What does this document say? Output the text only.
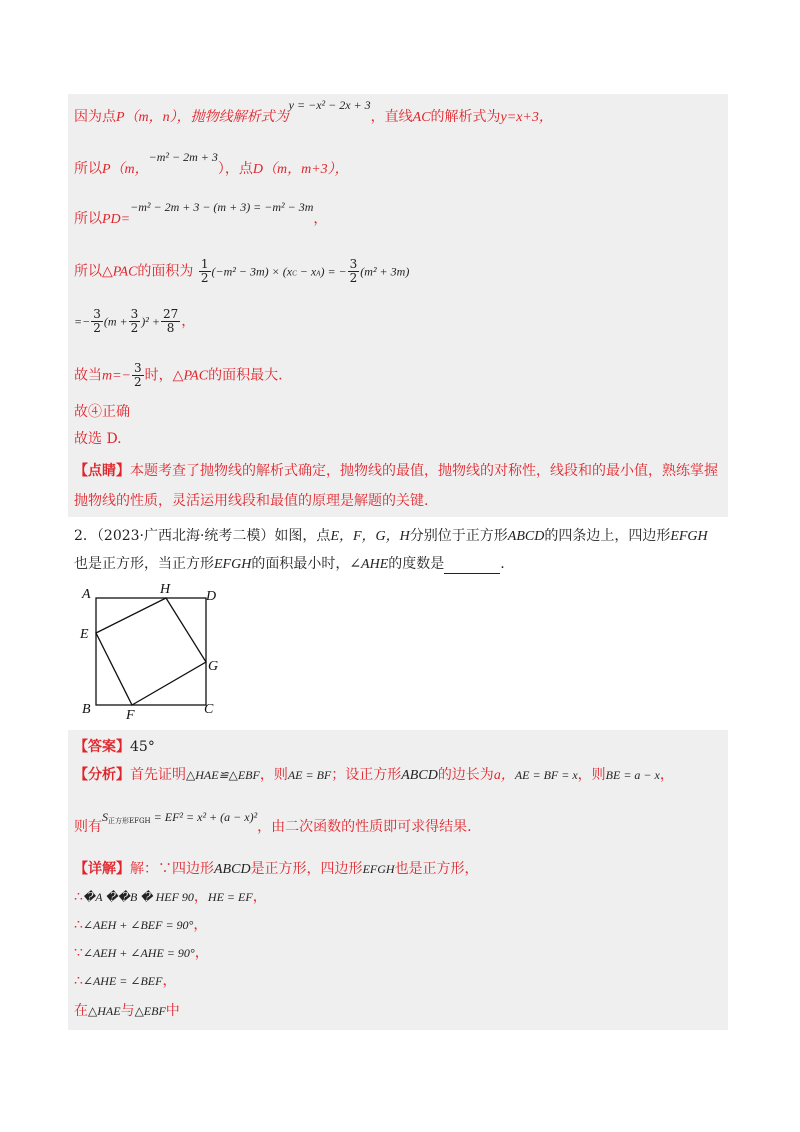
因为点P（m，n），抛物线解析式为y = −x² − 2x + 3，直线AC的解析式为y=x+3，
所以P（m，−m² − 2m + 3），点D（m，m+3），
所以PD=−m² − 2m + 3 − (m + 3) = −m² − 3m，
所以△PAC的面积为 $\frac{1}{2} (-m^2 - 3m) \times (xC - xA)$ = − $\frac{3}{2} (m^2 + 3m)$
=− $\frac{3}{2} (m + \frac{3}{2} )^2 + \frac{27}{8}$ ，
故当$m=- \frac{3}{2}$ 时，△PAC的面积最大.
故④正确
故选 D.
【点睛】本题考查了抛物线的解析式确定，抛物线的最值，抛物线的对称性，线段和的最小值，熟练掌握
抛物线的性质，灵活运用线段和最值的原理是解题的关键.
2．（2023·广西北海·统考二模）如图，点E，F，G，H分别位于正方形ABCD的四条边上，四边形EFGH
也是正方形，当正方形EFGH的面积最小时，∠AHE的度数是	.
A	H	D
E
G
B	F	C
【答案】45°
【分析】首先证明△HAE≌△EBF，则AE = BF；设正方形ABCD的边长为a，AE = BF = x，则BE = a − x，
则有$S^{正方形EFGH} = EF^2 = x^2 + (a - x)^2$，由二次函数的性质即可求得结果.
【详解】解：∵四边形ABCD是正方形，四边形EFGH也是正方形，
∴�A ��B � HEF 90，HE = EF，
∴∠AEH + ∠BEF = 90°，
∵∠AEH + ∠AHE = 90°，
∴∠AHE = ∠BEF，
在△HAE与△EBF中
